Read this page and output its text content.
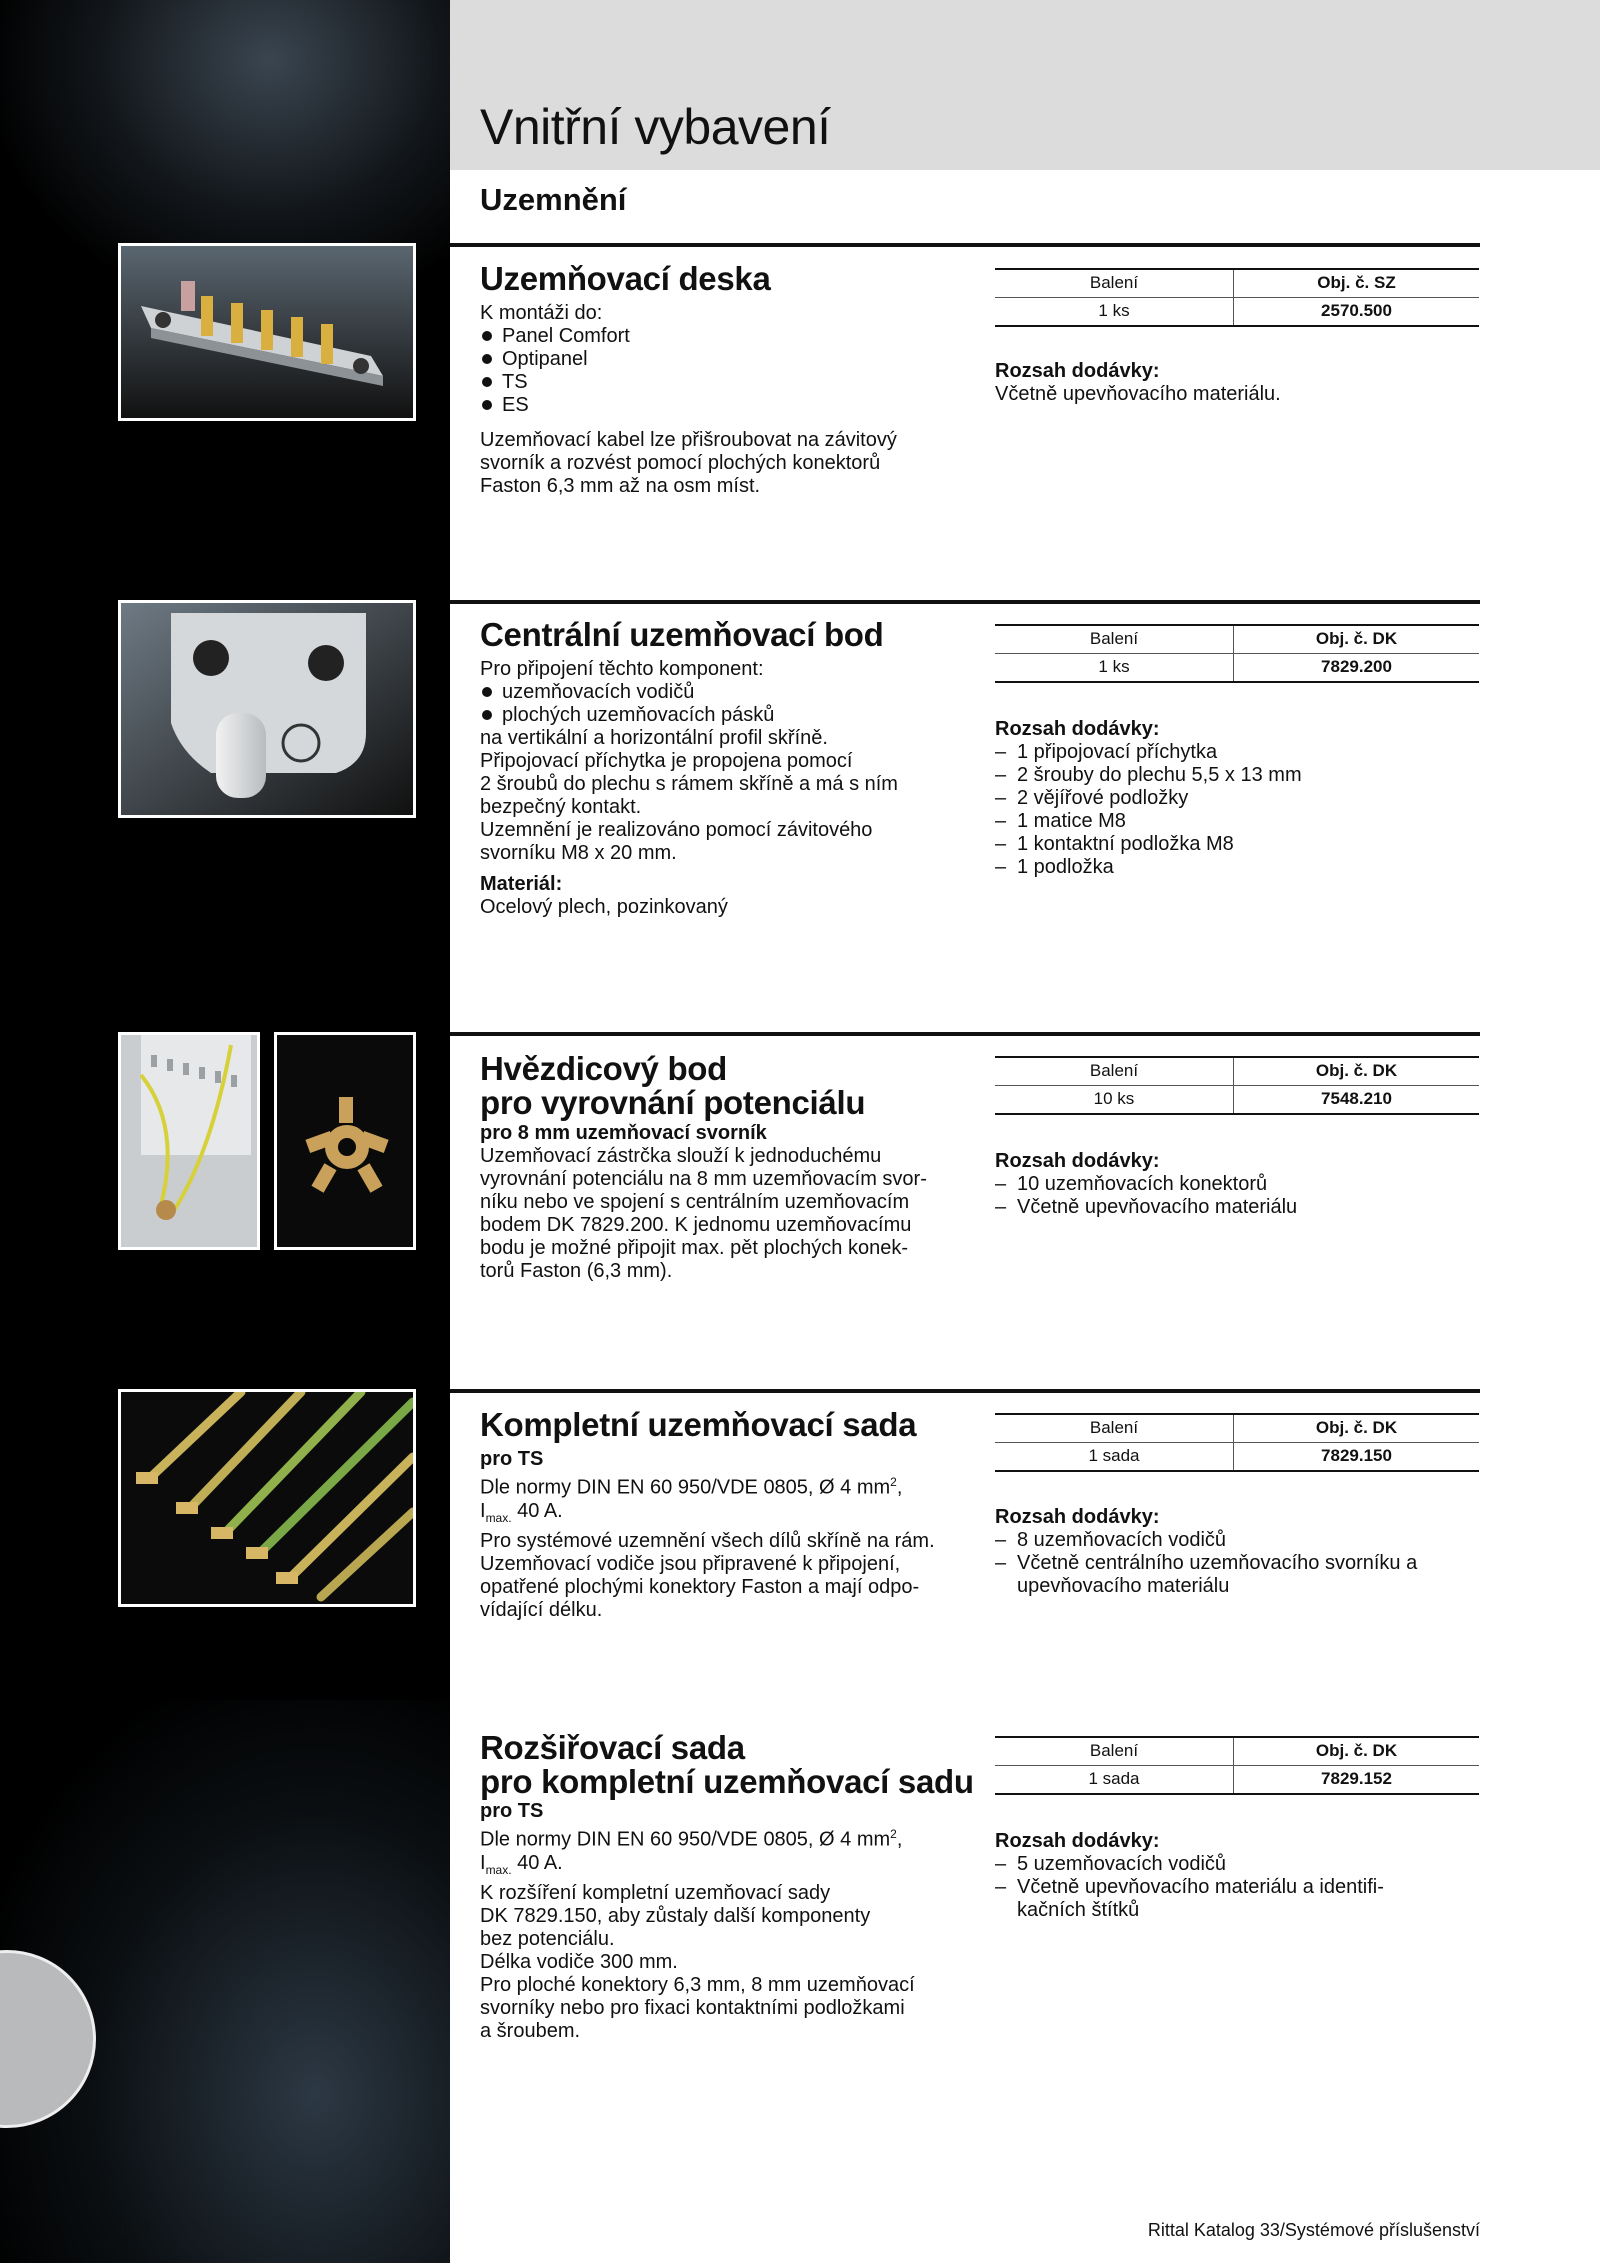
Vnitřní vybavení
Uzemnění
Uzemňovací deska

K montáži do:

Panel Comfort
Optipanel
TS
ES

Uzemňovací kabel lze přišroubovat na závitový

svorník a rozvést pomocí plochých konektorů

Faston 6,3 mm až na osm míst.

Balení	Obj. č. SZ
1 ks	2570.500
Rozsah dodávky:
Včetně upevňovacího materiálu.
Centrální uzemňovací bod

Pro připojení těchto komponent:

uzemňovacích vodičů
plochých uzemňovacích pásků

na vertikální a horizontální profil skříně.

Připojovací příchytka je propojena pomocí

2 šroubů do plechu s rámem skříně a má s ním

bezpečný kontakt.

Uzemnění je realizováno pomocí závitového

svorníku M8 x 20 mm.

Materiál:

Ocelový plech, pozinkovaný

Balení	Obj. č. DK
1 ks	7829.200
Rozsah dodávky:
– 1 připojovací příchytka
– 2 šrouby do plechu 5,5 x 13 mm
– 2 vějířové podložky
– 1 matice M8
– 1 kontaktní podložka M8
– 1 podložka
Hvězdicový bod
pro vyrovnání potenciálu

pro 8 mm uzemňovací svorník

Uzemňovací zástrčka slouží k jednoduchému

vyrovnání potenciálu na 8 mm uzemňovacím svor-

níku nebo ve spojení s centrálním uzemňovacím

bodem DK 7829.200. K jednomu uzemňovacímu

bodu je možné připojit max. pět plochých konek-

torů Faston (6,3 mm).

Balení	Obj. č. DK
10 ks	7548.210
Rozsah dodávky:
– 10 uzemňovacích konektorů
– Včetně upevňovacího materiálu
Kompletní uzemňovací sada

pro TS

Dle normy DIN EN 60 950/VDE 0805, Ø 4 $mm^2$,

$I_{max.}$ 40 A.

Pro systémové uzemnění všech dílů skříně na rám.

Uzemňovací vodiče jsou připravené k připojení,

opatřené plochými konektory Faston a mají odpo-

vídající délku.

Balení	Obj. č. DK
1 sada	7829.150
Rozsah dodávky:
– 8 uzemňovacích vodičů
– Včetně centrálního uzemňovacího svorníku a upevňovacího materiálu
Rozšiřovací sada
pro kompletní uzemňovací sadu

pro TS

Dle normy DIN EN 60 950/VDE 0805, Ø 4 $mm^2$,

$I_{max.}$ 40 A.

K rozšíření kompletní uzemňovací sady

DK 7829.150, aby zůstaly další komponenty

bez potenciálu.

Délka vodiče 300 mm.

Pro ploché konektory 6,3 mm, 8 mm uzemňovací

svorníky nebo pro fixaci kontaktními podložkami

a šroubem.

Balení	Obj. č. DK
1 sada	7829.152
Rozsah dodávky:
– 5 uzemňovacích vodičů
– Včetně upevňovacího materiálu a identifi- kačních štítků
690	Rittal Katalog 33/Systémové příslušenství
